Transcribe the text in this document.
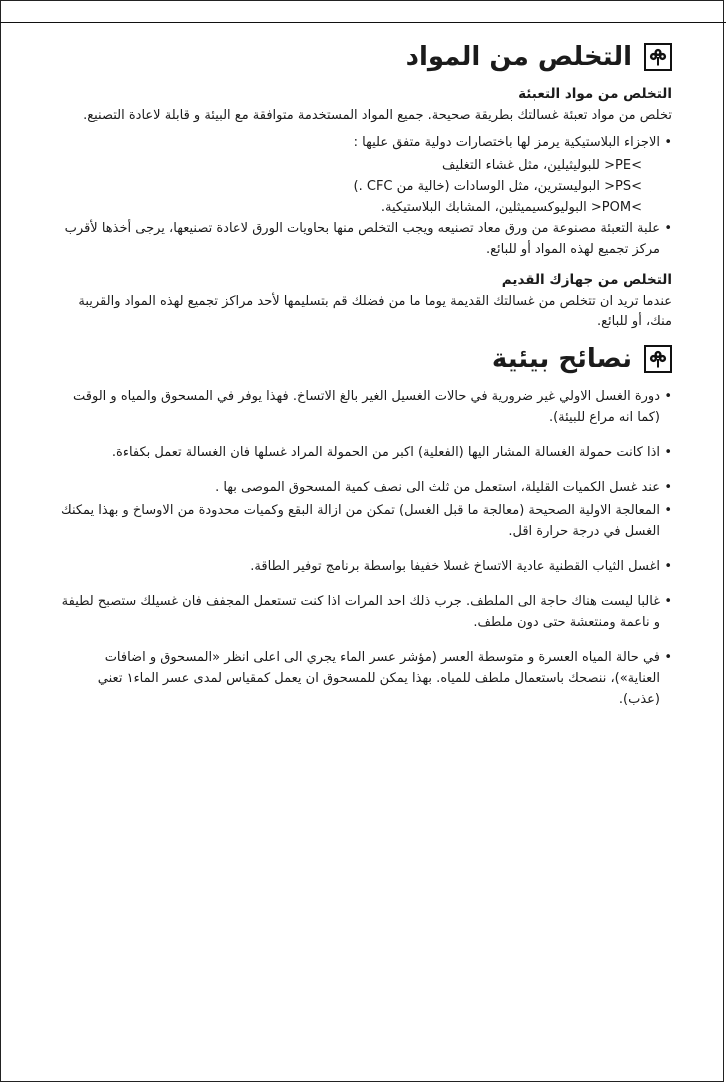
التخلص من المواد
التخلص من مواد التعبئة
تخلص من مواد تعبئة غسالتك بطريقة صحيحة. جميع المواد المستخدمة متوافقة مع البيئة و قابلة لاعادة التصنيع.
• الاجزاء البلاستيكية يرمز لها باختصارات دولية متفق عليها :
>PE< للبوليثيلين، مثل غشاء التغليف
>PS< البوليسترين، مثل الوسادات (خالية من CFC .)
>POM< البوليوكسيميثلين، المشابك البلاستيكية.
• علبة التعبئة مصنوعة من ورق معاد تصنيعه ويجب التخلص منها بحاويات الورق لاعادة تصنيعها، يرجى أخذها لأقرب مركز تجميع لهذه المواد أو للبائع.
التخلص من جهازك القديم
عندما تريد ان تتخلص من غسالتك القديمة يوما ما من فضلك قم بتسليمها لأحد مراكز تجميع لهذه المواد والقريبة منك، أو للبائع.
نصائح بيئية
• دورة الغسل الاولي غير ضرورية في حالات الغسيل الغير بالغ الاتساخ. فهذا يوفر في المسحوق والمياه و الوقت (كما انه مراع للبيئة).
• اذا كانت حمولة الغسالة المشار اليها (الفعلية) اكبر من الحمولة المراد غسلها فان الغسالة تعمل بكفاءة.
• عند غسل الكميات القليلة، استعمل من ثلث الى نصف كمية المسحوق الموصى بها .
• المعالجة الاولية الصحيحة (معالجة ما قبل الغسل) تمكن من ازالة البقع وكميات محدودة من الاوساخ و بهذا يمكنك الغسل في درجة حرارة اقل.
• اغسل الثياب القطنية عادية الاتساخ غسلا خفيفا بواسطة برنامج توفير الطاقة.
• غالبا ليست هناك حاجة الى الملطف. جرب ذلك احد المرات اذا كنت تستعمل المجفف فان غسيلك ستصبح لطيفة و ناعمة ومنتعشة حتى دون ملطف.
• في حالة المياه العسرة و متوسطة العسر (مؤشر عسر الماء يجري الى اعلى انظر «المسحوق و اضافات العناية»)، ننصحك باستعمال ملطف للمياه. بهذا يمكن للمسحوق ان يعمل كمقياس لمدى عسر الماء١ تعني (عذب).
